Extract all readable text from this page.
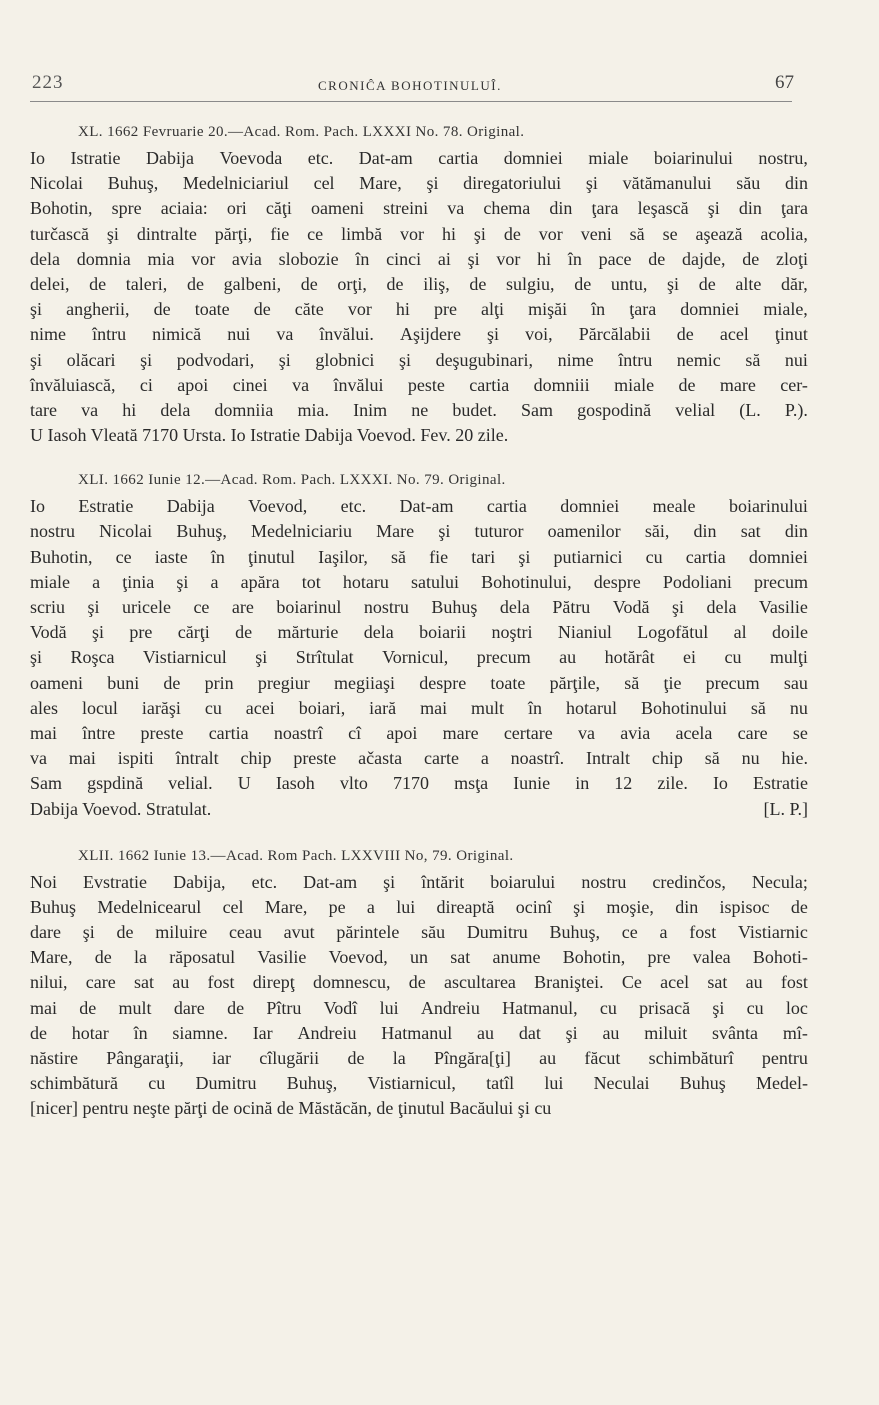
223	CRONIĈA BOHOTINULUÎ.	67
XL. 1662 Fevruarie 20.—Acad. Rom. Pach. LXXXI No. 78. Original.
Io Istratie Dabija Voevoda etc. Dat-am cartia domniei miale boiarinului nostru,
Nicolai Buhuş, Medelniciariul cel Mare, şi diregatoriului şi vătămanului său din
Bohotin, spre aciaia: ori căţi oameni streini va chema din ţara leşască şi din ţara
turčască şi dintralte părţi, fie ce limbă vor hi şi de vor veni să se aşează acolia,
dela domnia mia vor avia slobozie în cinci ai şi vor hi în pace de dajde, de zloţi
delei, de taleri, de galbeni, de orţi, de iliş, de sulgiu, de untu, şi de alte dăr,
şi angherii, de toate de căte vor hi pre alţi mişăi în ţara domniei miale,
nime întru nimică nui va învălui. Aşijdere şi voi, Părcălabii de acel ţinut
şi olăcari şi podvodari, şi globnici şi deşugubinari, nime întru nemic să nui
învăluiască, ci apoi cinei va învălui peste cartia domniii miale de mare cer-
tare va hi dela domniia mia. Inim ne budet. Sam gospodină velial (L. P.).
U Iasoh Vleată 7170 Ursta. Io Istratie Dabija Voevod. Fev. 20 zile.
XLI. 1662 Iunie 12.—Acad. Rom. Pach. LXXXI. No. 79. Original.
Io Estratie Dabija Voevod, etc. Dat-am cartia domniei meale boiarinului
nostru Nicolai Buhuş, Medelniciariu Mare şi tuturor oamenilor săi, din sat din
Buhotin, ce iaste în ţinutul Iaşilor, să fie tari şi putiarnici cu cartia domniei
miale a ţinia şi a apăra tot hotaru satului Bohotinului, despre Podoliani precum
scriu şi uricele ce are boiarinul nostru Buhuş dela Pătru Vodă şi dela Vasilie
Vodă şi pre cărţi de mărturie dela boiarii noştri Nianiul Logofătul al doile
şi Roşca Vistiarnicul şi Strîtulat Vornicul, precum au hotărât ei cu mulţi
oameni buni de prin pregiur megiiaşi despre toate părţile, să ţie precum sau
ales locul iarăşi cu acei boiari, iară mai mult în hotarul Bohotinului să nu
mai între preste cartia noastrî cî apoi mare certare va avia acela care se
va mai ispiti întralt chip preste ačasta carte a noastrî. Intralt chip să nu hie.
Sam gspdină velial. U Iasoh vlto 7170 msţa Iunie in 12 zile. Io Estratie
Dabija Voevod. Stratulat.	[L. P.]
XLII. 1662 Iunie 13.—Acad. Rom Pach. LXXVIII No, 79. Original.
Noi Evstratie Dabija, etc. Dat-am şi întărit boiarului nostru credinčos, Necula;
Buhuş Medelnicearul cel Mare, pe a lui direaptă ocinî şi moşie, din ispisoc de
dare şi de miluire ceau avut părintele său Dumitru Buhuş, ce a fost Vistiarnic
Mare, de la răposatul Vasilie Voevod, un sat anume Bohotin, pre valea Bohoti-
nilui, care sat au fost direpţ domnescu, de ascultarea Braniştei. Ce acel sat au fost
mai de mult dare de Pîtru Vodî lui Andreiu Hatmanul, cu prisacă şi cu loc
de hotar în siamne. Iar Andreiu Hatmanul au dat şi au miluit svânta mî-
năstire Pângaraţii, iar cîlugării de la Pîngăra[ţi] au făcut schimbăturî pentru
schimbătură cu Dumitru Buhuş, Vistiarnicul, tatîl lui Neculai Buhuş Medel-
[nicer] pentru neşte părţi de ocină de Măstăcăn, de ţinutul Bacăului şi cu
